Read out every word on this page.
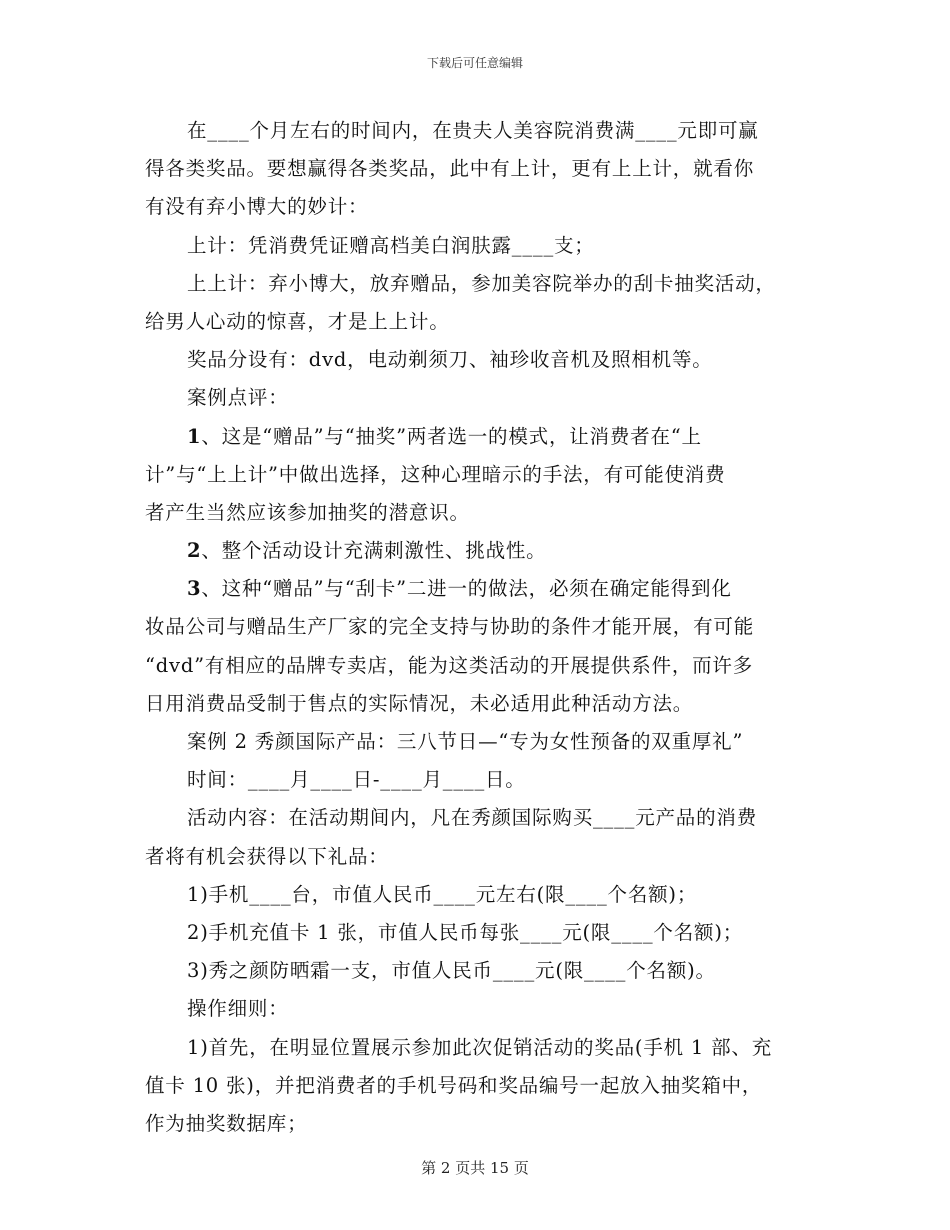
下载后可任意编辑
在____个月左右的时间内，在贵夫人美容院消费满____元即可赢
得各类奖品。要想赢得各类奖品，此中有上计，更有上上计，就看你
有没有弃小博大的妙计：
上计：凭消费凭证赠高档美白润肤露____支；
上上计：弃小博大，放弃赠品，参加美容院举办的刮卡抽奖活动，
给男人心动的惊喜，才是上上计。
奖品分设有：dvd，电动剃须刀、袖珍收音机及照相机等。
案例点评：
1、这是“赠品”与“抽奖”两者选一的模式，让消费者在“上
计”与“上上计”中做出选择，这种心理暗示的手法，有可能使消费
者产生当然应该参加抽奖的潜意识。
2、整个活动设计充满刺激性、挑战性。
3、这种“赠品”与“刮卡”二进一的做法，必须在确定能得到化
妆品公司与赠品生产厂家的完全支持与协助的条件才能开展，有可能
“dvd”有相应的品牌专卖店，能为这类活动的开展提供系件，而许多
日用消费品受制于售点的实际情况，未必适用此种活动方法。
案例 2 秀颜国际产品：三八节日—“专为女性预备的双重厚礼”
时间：____月____日-____月____日。
活动内容：在活动期间内，凡在秀颜国际购买____元产品的消费
者将有机会获得以下礼品：
1)手机____台，市值人民币____元左右(限____个名额)；
2)手机充值卡 1 张，市值人民币每张____元(限____个名额)；
3)秀之颜防晒霜一支，市值人民币____元(限____个名额)。
操作细则：
1)首先，在明显位置展示参加此次促销活动的奖品(手机 1 部、充
值卡 10 张)，并把消费者的手机号码和奖品编号一起放入抽奖箱中，
作为抽奖数据库；
第 2 页共 15 页
